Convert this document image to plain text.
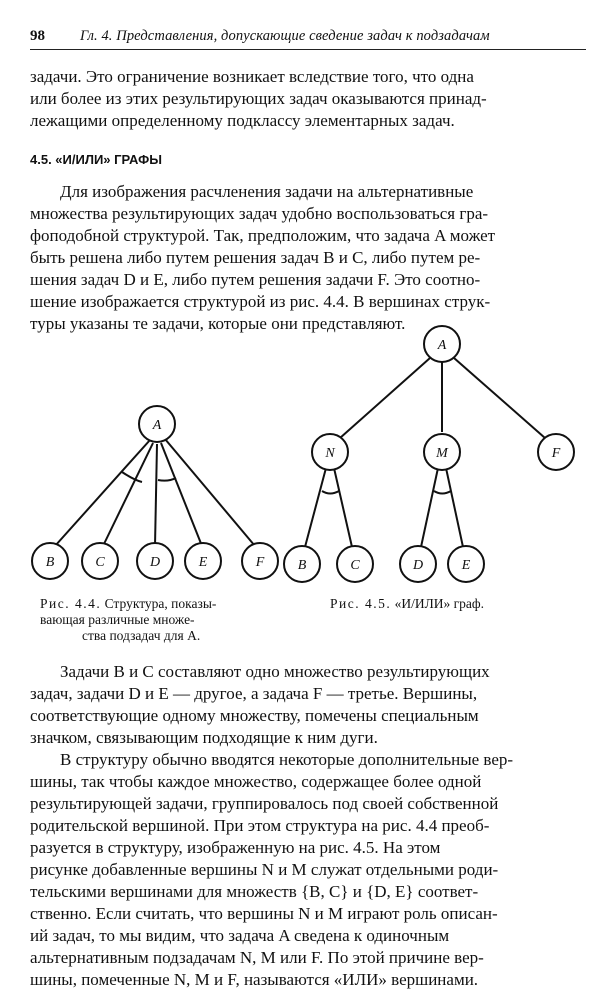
98 Гл. 4. Представления, допускающие сведение задач к подзадачам

задачи. Это ограничение возникает вследствие того, что одна

или более из этих результирующих задач оказываются принад-

лежащими определенному подклассу элементарных задач.

4.5. «И/ИЛИ» ГРАФЫ

Для изображения расчленения задачи на альтернативные

множества результирующих задач удобно воспользоваться гра-

фоподобной структурой. Так, предположим, что задача A может

быть решена либо путем решения задач B и C, либо путем ре-

шения задач D и E, либо путем решения задачи F. Это соотно-

шение изображается структурой из рис. 4.4. В вершинах струк-

туры указаны те задачи, которые они представляют.

A
B	C	D	E	F
A
N	M	F
B	C	D	E
Рис. 4.4. Структура, показы-
вающая различные множе-
ства подзадач для A.
Рис. 4.5. «И/ИЛИ» граф.

Задачи B и C составляют одно множество результирующих

задач, задачи D и E — другое, а задача F — третье. Вершины,

соответствующие одному множеству, помечены специальным

значком, связывающим подходящие к ним дуги.

В структуру обычно вводятся некоторые дополнительные вер-

шины, так чтобы каждое множество, содержащее более одной

результирующей задачи, группировалось под своей собственной

родительской вершиной. При этом структура на рис. 4.4 преоб-

разуется в структуру, изображенную на рис. 4.5. На этом

рисунке добавленные вершины N и M служат отдельными роди-

тельскими вершинами для множеств {B, C} и {D, E} соответ-

ственно. Если считать, что вершины N и M играют роль описан-

ий задач, то мы видим, что задача A сведена к одиночным

альтернативным подзадачам N, M или F. По этой причине вер-

шины, помеченные N, M и F, называются «ИЛИ» вершинами.
